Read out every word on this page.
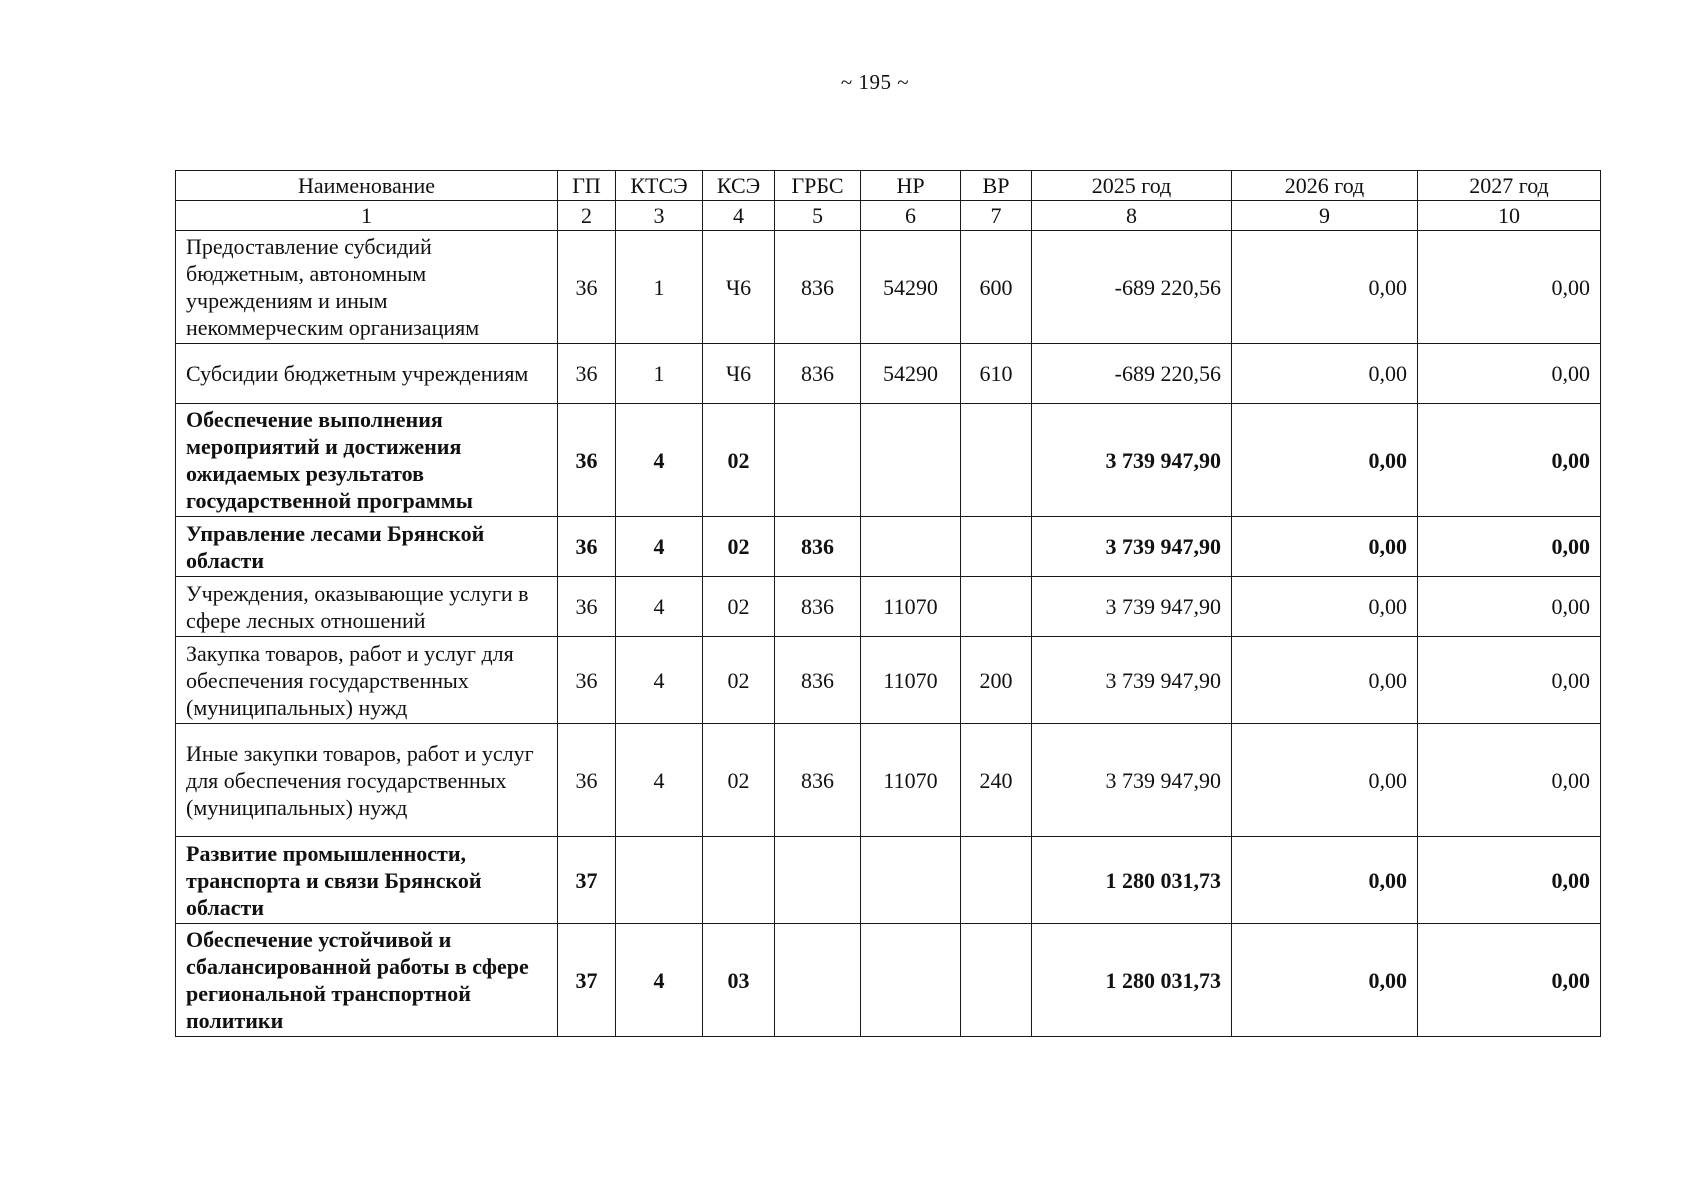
~ 195 ~
Наименование	ГП	КТСЭ	КСЭ	ГРБС	НР	ВР	2025 год	2026 год	2027 год
1	2	3	4	5	6	7	8	9	10
Предоставление субсидий бюджетным, автономным учреждениям и иным некоммерческим организациям	36	1	Ч6	836	54290	600	-689 220,56	0,00	0,00
Субсидии бюджетным учреждениям	36	1	Ч6	836	54290	610	-689 220,56	0,00	0,00
Обеспечение выполнения мероприятий и достижения ожидаемых результатов государственной программы	36	4	02				3 739 947,90	0,00	0,00
Управление лесами Брянской области	36	4	02	836			3 739 947,90	0,00	0,00
Учреждения, оказывающие услуги в сфере лесных отношений	36	4	02	836	11070		3 739 947,90	0,00	0,00
Закупка товаров, работ и услуг для обеспечения государственных (муниципальных) нужд	36	4	02	836	11070	200	3 739 947,90	0,00	0,00
Иные закупки товаров, работ и услуг для обеспечения государственных (муниципальных) нужд	36	4	02	836	11070	240	3 739 947,90	0,00	0,00
Развитие промышленности, транспорта и связи Брянской области	37						1 280 031,73	0,00	0,00
Обеспечение устойчивой и сбалансированной работы в сфере региональной транспортной политики	37	4	03				1 280 031,73	0,00	0,00
